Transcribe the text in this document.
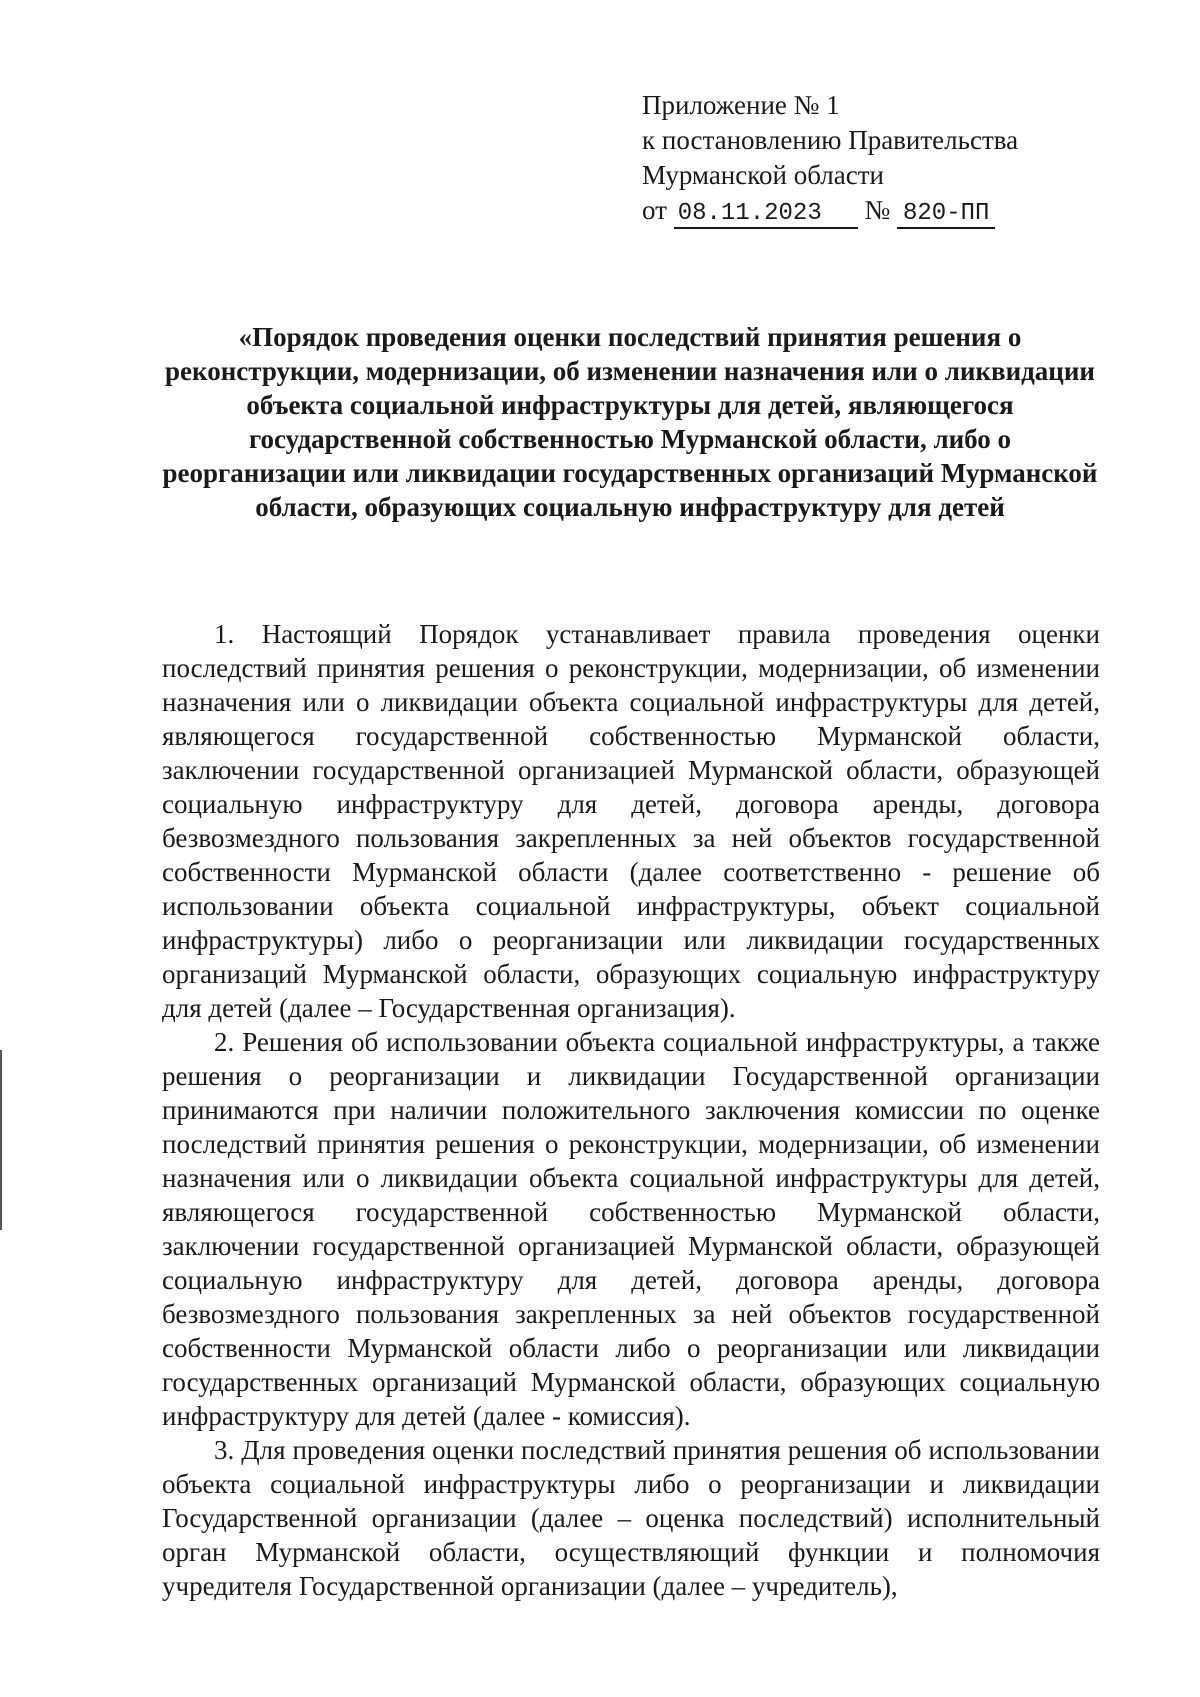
Приложение № 1
к постановлению Правительства
Мурманской области
от 08.11.2023 № 820-ПП
«Порядок проведения оценки последствий принятия решения о реконструкции, модернизации, об изменении назначения или о ликвидации объекта социальной инфраструктуры для детей, являющегося государственной собственностью Мурманской области, либо о реорганизации или ликвидации государственных организаций Мурманской области, образующих социальную инфраструктуру для детей

1. Настоящий Порядок устанавливает правила проведения оценки последствий принятия решения о реконструкции, модернизации, об изменении назначения или о ликвидации объекта социальной инфраструктуры для детей, являющегося государственной собственностью Мурманской области, заключении государственной организацией Мурманской области, образующей социальную инфраструктуру для детей, договора аренды, договора безвозмездного пользования закрепленных за ней объектов государственной собственности Мурманской области (далее соответственно - решение об использовании объекта социальной инфраструктуры, объект социальной инфраструктуры) либо о реорганизации или ликвидации государственных организаций Мурманской области, образующих социальную инфраструктуру для детей (далее – Государственная организация).

2. Решения об использовании объекта социальной инфраструктуры, а также решения о реорганизации и ликвидации Государственной организации принимаются при наличии положительного заключения комиссии по оценке последствий принятия решения о реконструкции, модернизации, об изменении назначения или о ликвидации объекта социальной инфраструктуры для детей, являющегося государственной собственностью Мурманской области, заключении государственной организацией Мурманской области, образующей социальную инфраструктуру для детей, договора аренды, договора безвозмездного пользования закрепленных за ней объектов государственной собственности Мурманской области либо о реорганизации или ликвидации государственных организаций Мурманской области, образующих социальную инфраструктуру для детей (далее - комиссия).

3. Для проведения оценки последствий принятия решения об использовании объекта социальной инфраструктуры либо о реорганизации и ликвидации Государственной организации (далее – оценка последствий) исполнительный орган Мурманской области, осуществляющий функции и полномочия учредителя Государственной организации (далее – учредитель),
